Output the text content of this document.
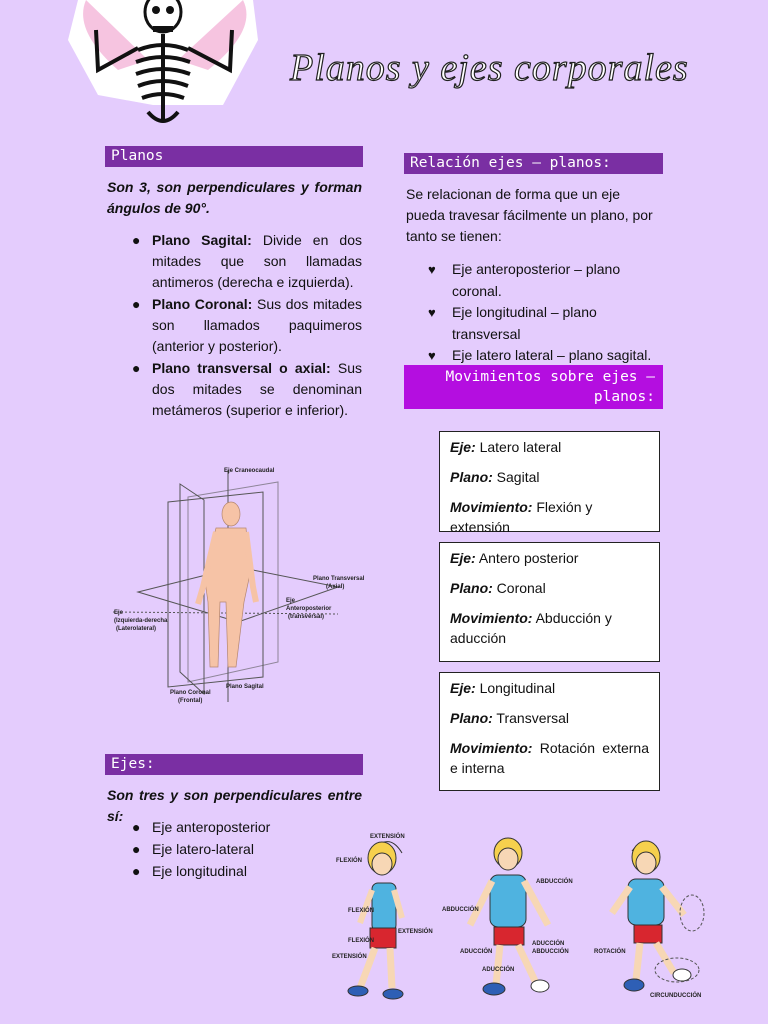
Planos y ejes corporales
Planos

Son 3, son perpendiculares y forman ángulos de 90°.

● Plano Sagital: Divide en dos mitades que son llamadas antimeros (derecha e izquierda).
● Plano Coronal: Sus dos mitades son llamados paquimeros (anterior y posterior).
● Plano transversal o axial: Sus dos mitades se denominan metámeros (superior e inferior).
Eje Craneocaudal
Plano Transversal
(Axial)
Eje
(Izquierda-derecha
(Laterolateral)
Eje
Anteroposterior
(transversal)
Plano Coronal
(Frontal)
Plano Sagital
Ejes:

Son tres y son perpendiculares entre sí:

● Eje anteroposterior
● Eje latero-lateral
● Eje longitudinal
Relación ejes – planos:

Se relacionan de forma que un eje pueda travesar fácilmente un plano, por tanto se tienen:

♥ Eje anteroposterior – plano coronal.
♥ Eje longitudinal – plano transversal
♥ Eje latero lateral – plano sagital.
Movimientos sobre ejes – planos:

Eje: Latero lateral

Plano: Sagital

Movimiento: Flexión y extensión

Eje: Antero posterior

Plano: Coronal

Movimiento: Abducción y aducción

Eje: Longitudinal

Plano: Transversal

Movimiento: Rotación externa e interna

EXTENSIÓN
FLEXIÓN
FLEXIÓN
EXTENSIÓN
FLEXIÓN
EXTENSIÓN
ABDUCCIÓN
ABDUCCIÓN
ADUCCIÓN
ADUCCIÓN
ABDUCCIÓN
ADUCCIÓN
ROTACIÓN
CIRCUNDUCCIÓN
